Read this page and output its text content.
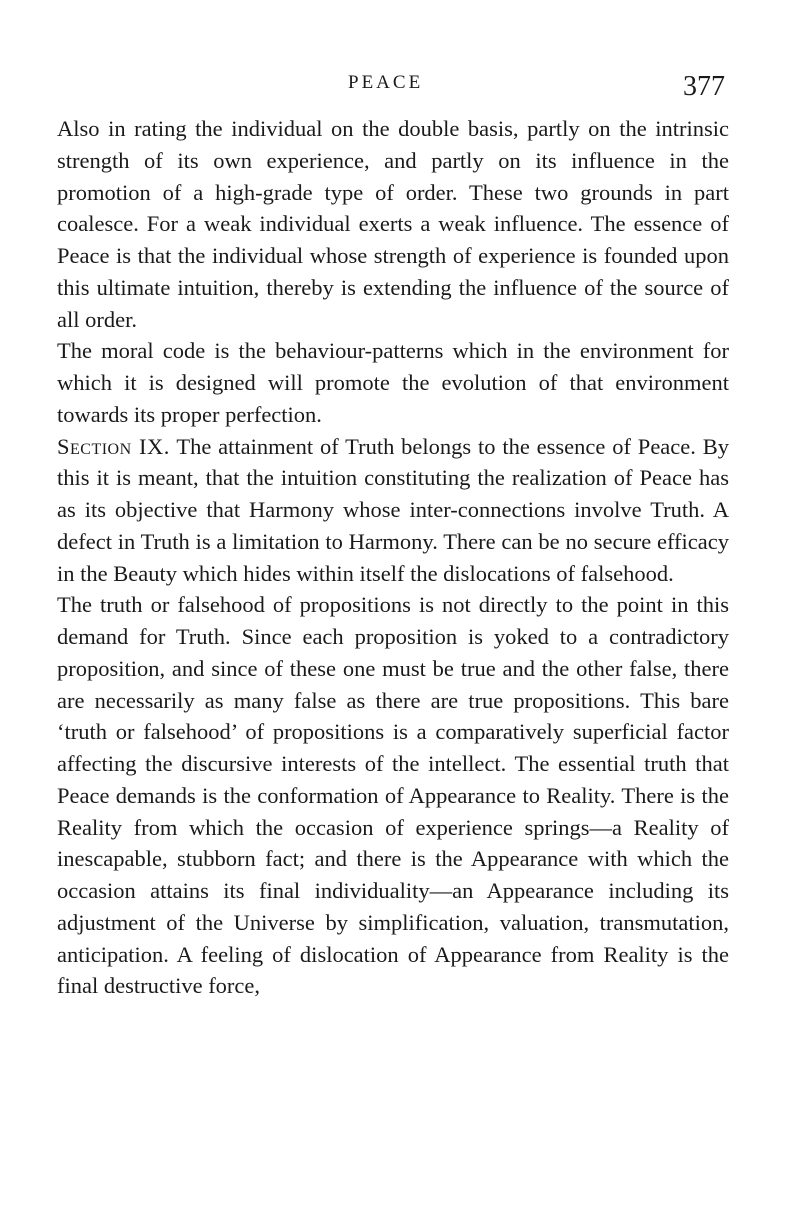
PEACE	377

Also in rating the individual on the double basis, partly on the intrinsic strength of its own experience, and partly on its influence in the promotion of a high-grade type of order. These two grounds in part coalesce. For a weak individual exerts a weak influence. The essence of Peace is that the individual whose strength of experience is founded upon this ultimate intuition, thereby is extending the influence of the source of all order.

The moral code is the behaviour-patterns which in the environment for which it is designed will promote the evolution of that environment towards its proper perfection.

Section IX. The attainment of Truth belongs to the essence of Peace. By this it is meant, that the intuition constituting the realization of Peace has as its objective that Harmony whose inter-connections involve Truth. A defect in Truth is a limitation to Harmony. There can be no secure efficacy in the Beauty which hides within itself the dislocations of falsehood.

The truth or falsehood of propositions is not directly to the point in this demand for Truth. Since each proposition is yoked to a contradictory proposition, and since of these one must be true and the other false, there are necessarily as many false as there are true propositions. This bare ‘truth or falsehood’ of propositions is a comparatively superficial factor affecting the discursive interests of the intellect. The essential truth that Peace demands is the conformation of Appearance to Reality. There is the Reality from which the occasion of experience springs—a Reality of inescapable, stubborn fact; and there is the Appearance with which the occasion attains its final individuality—an Appearance including its adjustment of the Universe by simplification, valuation, transmutation, anticipation. A feeling of dislocation of Appearance from Reality is the final destructive force,
